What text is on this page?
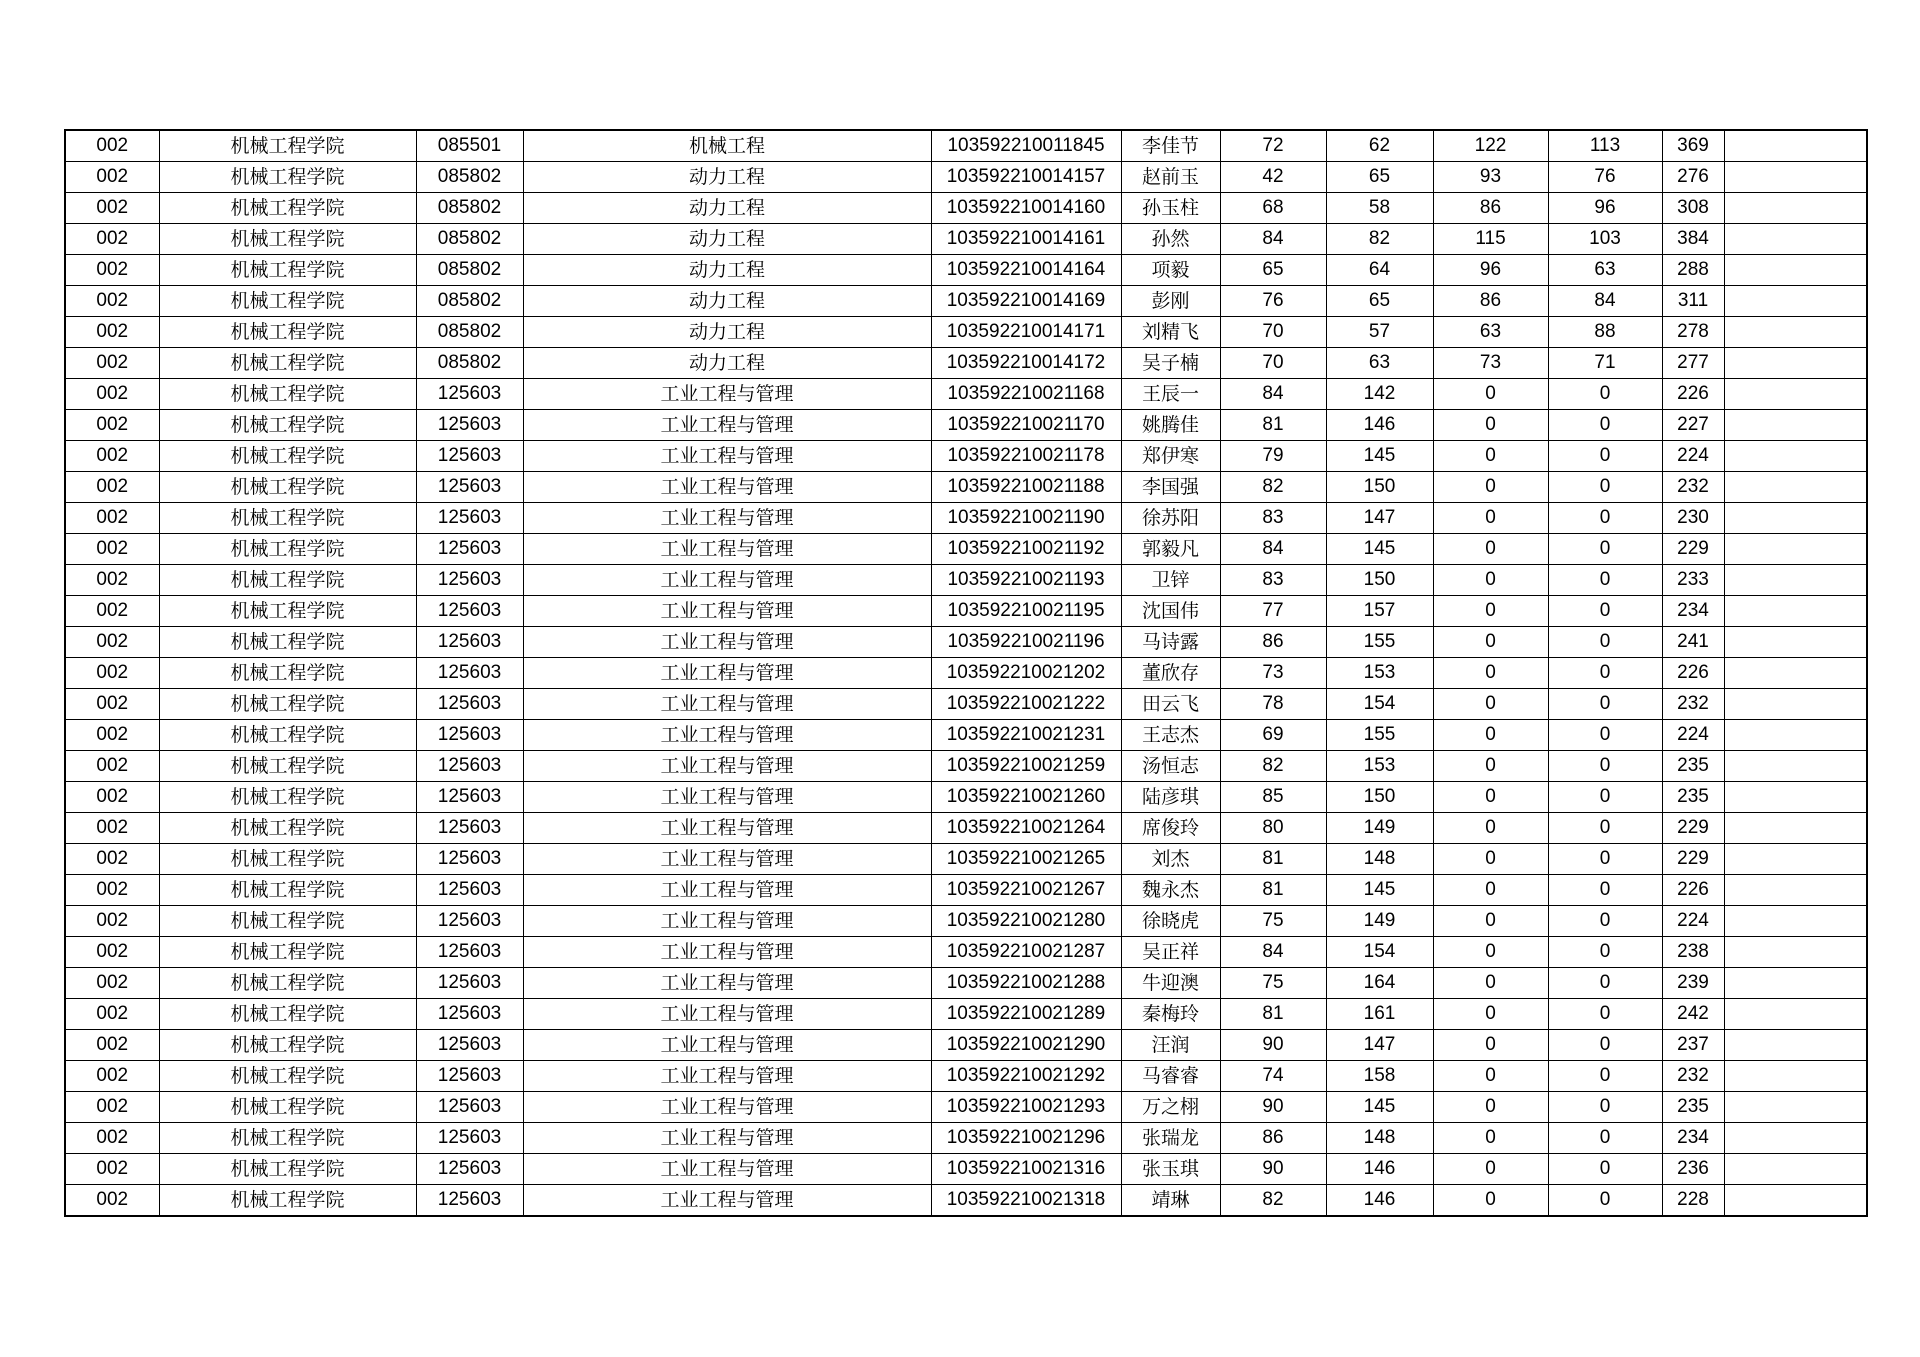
002	机械工程学院	085501	机械工程	103592210011845	李佳节	72	62	122	113	369	
002	机械工程学院	085802	动力工程	103592210014157	赵前玉	42	65	93	76	276	
002	机械工程学院	085802	动力工程	103592210014160	孙玉柱	68	58	86	96	308	
002	机械工程学院	085802	动力工程	103592210014161	孙然	84	82	115	103	384	
002	机械工程学院	085802	动力工程	103592210014164	项毅	65	64	96	63	288	
002	机械工程学院	085802	动力工程	103592210014169	彭刚	76	65	86	84	311	
002	机械工程学院	085802	动力工程	103592210014171	刘精飞	70	57	63	88	278	
002	机械工程学院	085802	动力工程	103592210014172	吴子楠	70	63	73	71	277	
002	机械工程学院	125603	工业工程与管理	103592210021168	王辰一	84	142	0	0	226	
002	机械工程学院	125603	工业工程与管理	103592210021170	姚腾佳	81	146	0	0	227	
002	机械工程学院	125603	工业工程与管理	103592210021178	郑伊寒	79	145	0	0	224	
002	机械工程学院	125603	工业工程与管理	103592210021188	李国强	82	150	0	0	232	
002	机械工程学院	125603	工业工程与管理	103592210021190	徐苏阳	83	147	0	0	230	
002	机械工程学院	125603	工业工程与管理	103592210021192	郭毅凡	84	145	0	0	229	
002	机械工程学院	125603	工业工程与管理	103592210021193	卫锌	83	150	0	0	233	
002	机械工程学院	125603	工业工程与管理	103592210021195	沈国伟	77	157	0	0	234	
002	机械工程学院	125603	工业工程与管理	103592210021196	马诗露	86	155	0	0	241	
002	机械工程学院	125603	工业工程与管理	103592210021202	董欣存	73	153	0	0	226	
002	机械工程学院	125603	工业工程与管理	103592210021222	田云飞	78	154	0	0	232	
002	机械工程学院	125603	工业工程与管理	103592210021231	王志杰	69	155	0	0	224	
002	机械工程学院	125603	工业工程与管理	103592210021259	汤恒志	82	153	0	0	235	
002	机械工程学院	125603	工业工程与管理	103592210021260	陆彦琪	85	150	0	0	235	
002	机械工程学院	125603	工业工程与管理	103592210021264	席俊玲	80	149	0	0	229	
002	机械工程学院	125603	工业工程与管理	103592210021265	刘杰	81	148	0	0	229	
002	机械工程学院	125603	工业工程与管理	103592210021267	魏永杰	81	145	0	0	226	
002	机械工程学院	125603	工业工程与管理	103592210021280	徐晓虎	75	149	0	0	224	
002	机械工程学院	125603	工业工程与管理	103592210021287	吴正祥	84	154	0	0	238	
002	机械工程学院	125603	工业工程与管理	103592210021288	牛迎澳	75	164	0	0	239	
002	机械工程学院	125603	工业工程与管理	103592210021289	秦梅玲	81	161	0	0	242	
002	机械工程学院	125603	工业工程与管理	103592210021290	汪润	90	147	0	0	237	
002	机械工程学院	125603	工业工程与管理	103592210021292	马睿睿	74	158	0	0	232	
002	机械工程学院	125603	工业工程与管理	103592210021293	万之栩	90	145	0	0	235	
002	机械工程学院	125603	工业工程与管理	103592210021296	张瑞龙	86	148	0	0	234	
002	机械工程学院	125603	工业工程与管理	103592210021316	张玉琪	90	146	0	0	236	
002	机械工程学院	125603	工业工程与管理	103592210021318	靖琳	82	146	0	0	228	
